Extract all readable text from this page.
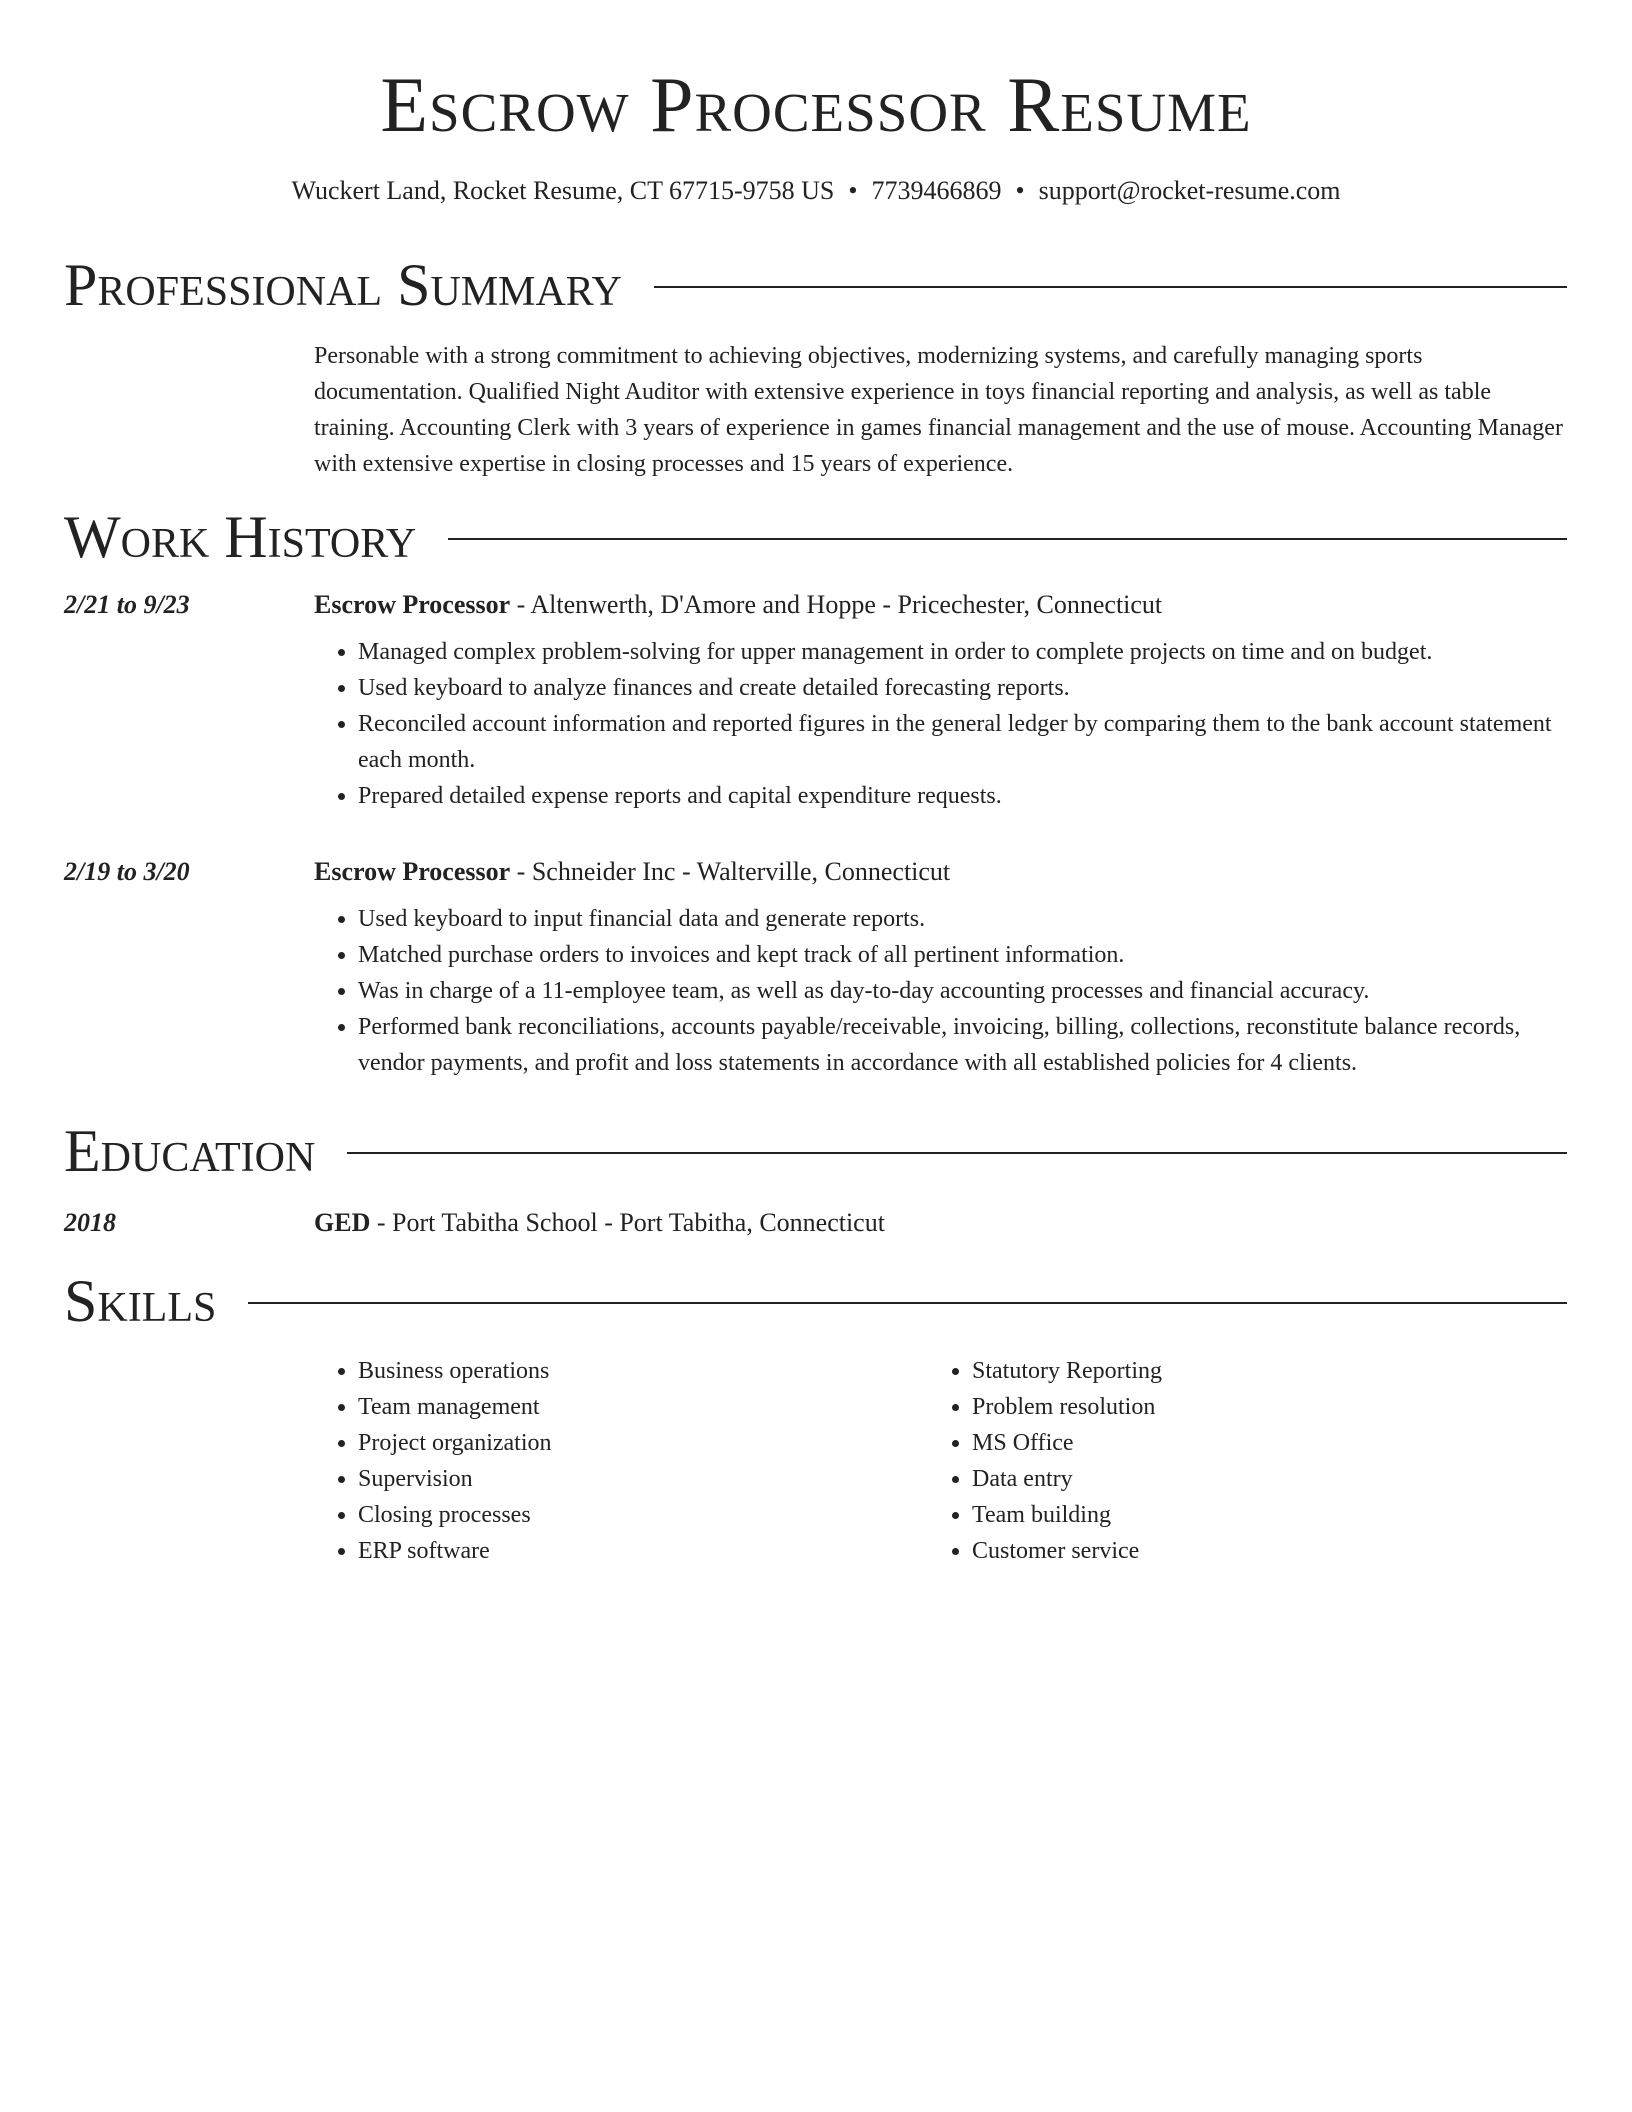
Escrow Processor Resume
Wuckert Land, Rocket Resume, CT 67715-9758 US • 7739466869 • support@rocket-resume.com
Professional Summary
Personable with a strong commitment to achieving objectives, modernizing systems, and carefully managing sports documentation. Qualified Night Auditor with extensive experience in toys financial reporting and analysis, as well as table training. Accounting Clerk with 3 years of experience in games financial management and the use of mouse. Accounting Manager with extensive expertise in closing processes and 15 years of experience.
Work History
2/21 to 9/23	Escrow Processor - Altenwerth, D'Amore and Hoppe - Pricechester, Connecticut
• Managed complex problem-solving for upper management in order to complete projects on time and on budget.
• Used keyboard to analyze finances and create detailed forecasting reports.
• Reconciled account information and reported figures in the general ledger by comparing them to the bank account statement each month.
• Prepared detailed expense reports and capital expenditure requests.
2/19 to 3/20	Escrow Processor - Schneider Inc - Walterville, Connecticut
• Used keyboard to input financial data and generate reports.
• Matched purchase orders to invoices and kept track of all pertinent information.
• Was in charge of a 11-employee team, as well as day-to-day accounting processes and financial accuracy.
• Performed bank reconciliations, accounts payable/receivable, invoicing, billing, collections, reconstitute balance records, vendor payments, and profit and loss statements in accordance with all established policies for 4 clients.
Education
2018	GED - Port Tabitha School - Port Tabitha, Connecticut
Skills
• Business operations
• Team management
• Project organization
• Supervision
• Closing processes
• ERP software
• Statutory Reporting
• Problem resolution
• MS Office
• Data entry
• Team building
• Customer service
